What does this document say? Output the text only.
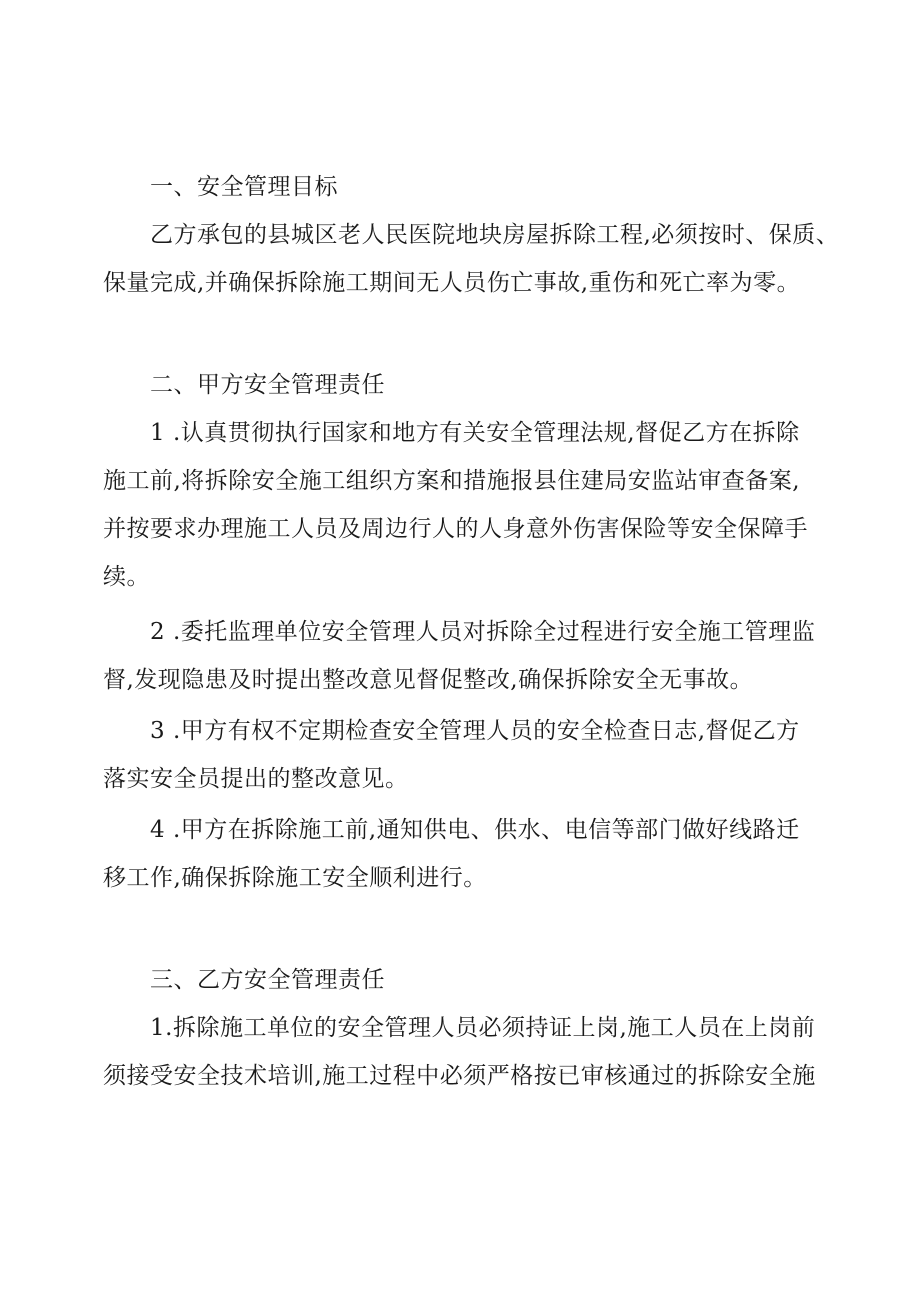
一、安全管理目标
乙方承包的县城区老人民医院地块房屋拆除工程,必须按时、保质、
保量完成,并确保拆除施工期间无人员伤亡事故,重伤和死亡率为零。
二、甲方安全管理责任
1 .认真贯彻执行国家和地方有关安全管理法规,督促乙方在拆除
施工前,将拆除安全施工组织方案和措施报县住建局安监站审查备案,
并按要求办理施工人员及周边行人的人身意外伤害保险等安全保障手
续。
2 .委托监理单位安全管理人员对拆除全过程进行安全施工管理监
督,发现隐患及时提出整改意见督促整改,确保拆除安全无事故。
3 .甲方有权不定期检查安全管理人员的安全检查日志,督促乙方
落实安全员提出的整改意见。
4 .甲方在拆除施工前,通知供电、供水、电信等部门做好线路迁
移工作,确保拆除施工安全顺利进行。
三、乙方安全管理责任
1.拆除施工单位的安全管理人员必须持证上岗,施工人员在上岗前
须接受安全技术培训,施工过程中必须严格按已审核通过的拆除安全施
